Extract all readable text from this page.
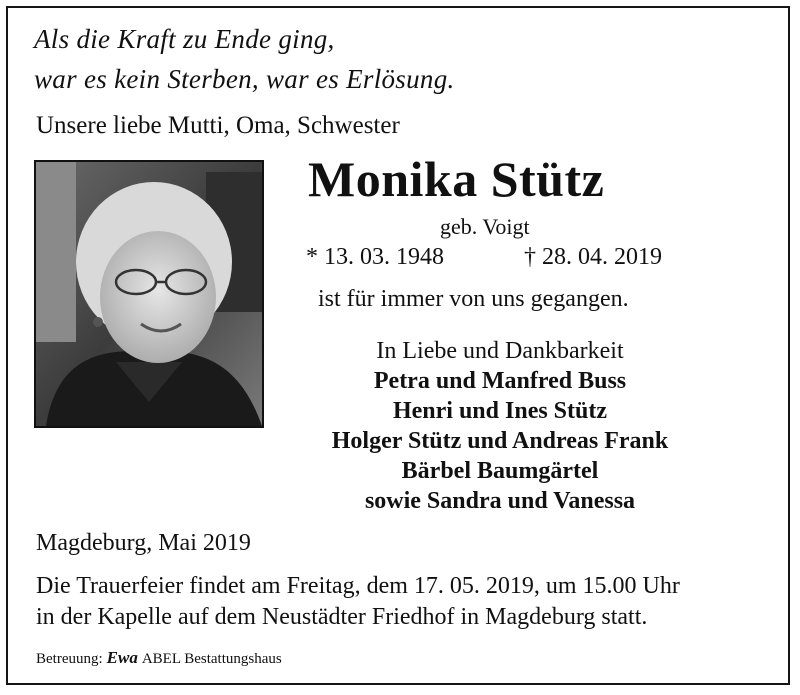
Als die Kraft zu Ende ging,

war es kein Sterben, war es Erlösung.

Unsere liebe Mutti, Oma, Schwester

Monika Stütz

geb. Voigt

* 13. 03. 1948	† 28. 04. 2019

ist für immer von uns gegangen.

In Liebe und Dankbarkeit

Petra und Manfred Buss

Henri und Ines Stütz

Holger Stütz und Andreas Frank

Bärbel Baumgärtel

sowie Sandra und Vanessa

Magdeburg, Mai 2019

Die Trauerfeier findet am Freitag, dem 17. 05. 2019, um 15.00 Uhr

in der Kapelle auf dem Neustädter Friedhof in Magdeburg statt.

Betreuung: Ewa ABEL Bestattungshaus
